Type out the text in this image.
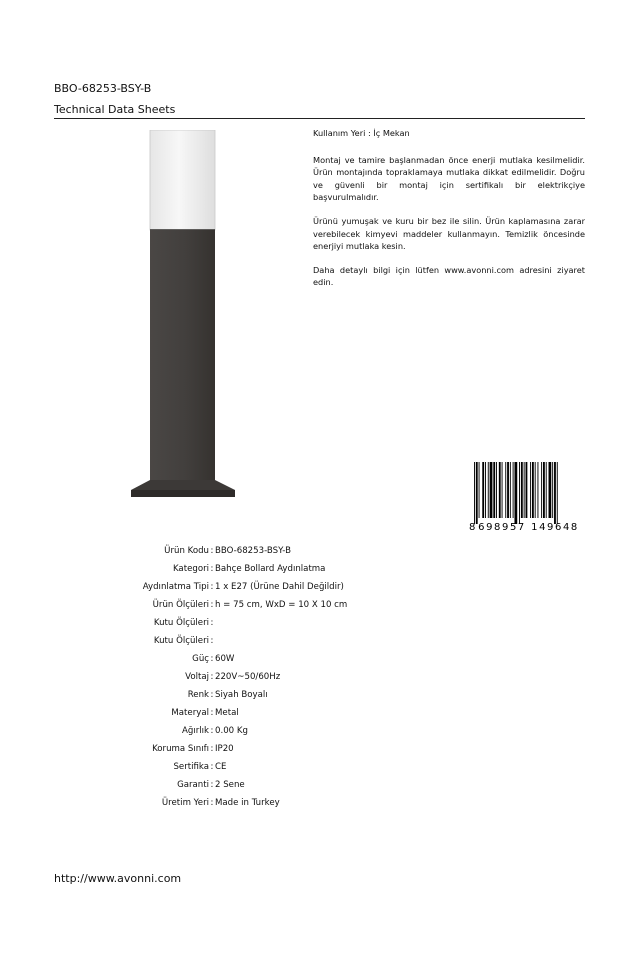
BBO-68253-BSY-B
Technical Data Sheets

Kullanım Yeri : İç Mekan

Montaj ve tamire başlanmadan önce enerji mutlaka kesilmelidir. Ürün montajında topraklamaya mutlaka dikkat edilmelidir. Doğru ve güvenli bir montaj için sertifikalı bir elektrikçiye başvurulmalıdır.

Ürünü yumuşak ve kuru bir bez ile silin. Ürün kaplamasına zarar verebilecek kimyevi maddeler kullanmayın. Temizlik öncesinde enerjiyi mutlaka kesin.

Daha detaylı bilgi için lütfen www.avonni.com adresini ziyaret edin.

8 698957 149648
Ürün Kodu : BBO-68253-BSY-B
Kategori : Bahçe Bollard Aydınlatma
Aydınlatma Tipi : 1 x E27 (Ürüne Dahil Değildir)
Ürün Ölçüleri : h = 75 cm, WxD = 10 X 10 cm
Kutu Ölçüleri :
Kutu Ölçüleri :
Güç : 60W
Voltaj : 220V~50/60Hz
Renk : Siyah Boyalı
Materyal : Metal
Ağırlık : 0.00 Kg
Koruma Sınıfı : IP20
Sertifika : CE
Garanti : 2 Sene
Üretim Yeri : Made in Turkey
http://www.avonni.com
